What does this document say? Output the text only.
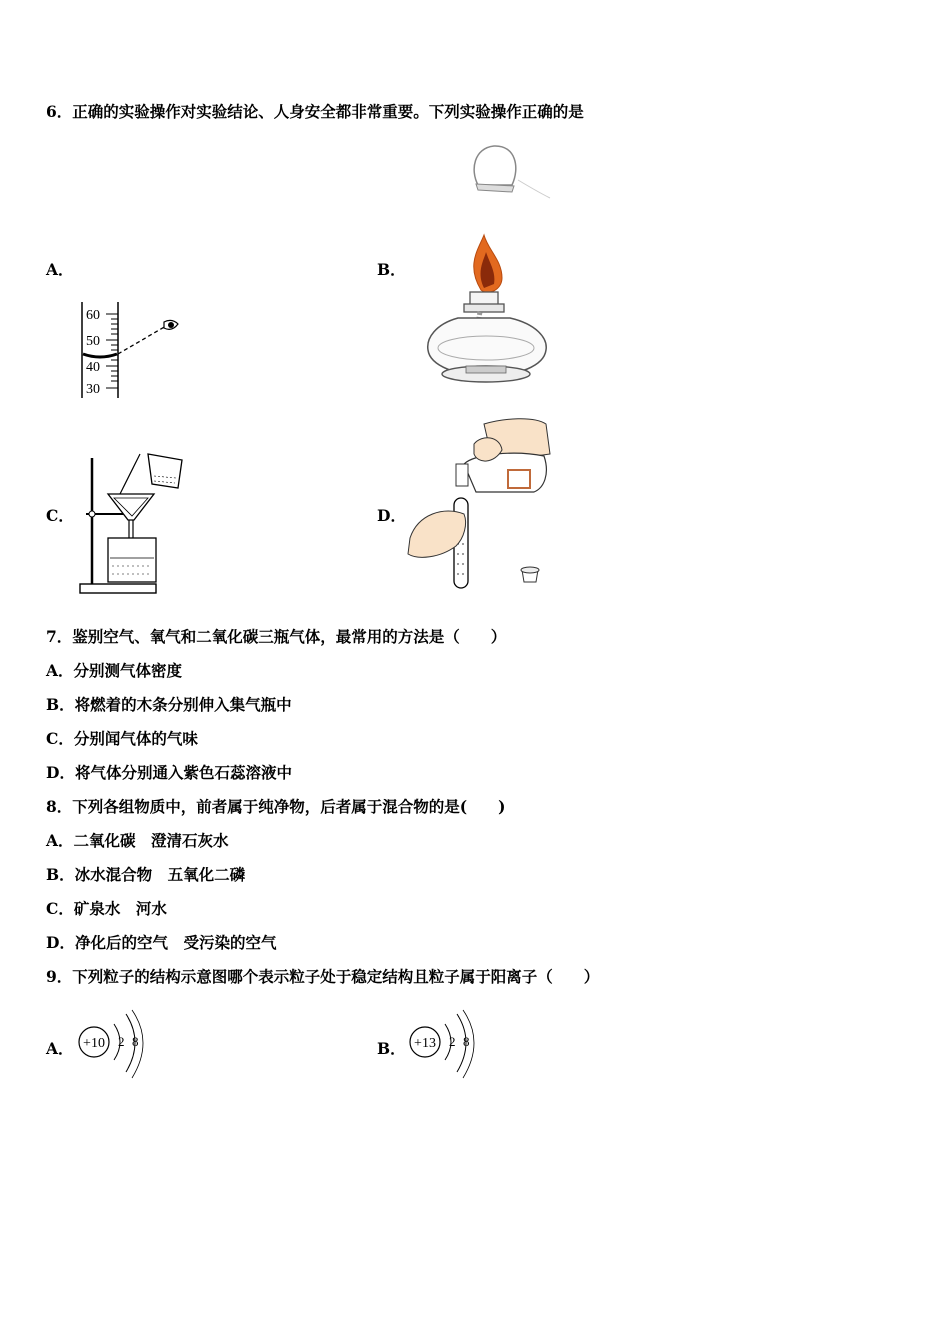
6．正确的实验操作对实验结论、人身安全都非常重要。下列实验操作正确的是
A．	B．
60
50
40
30
C．	D．
7．鉴别空气、氧气和二氧化碳三瓶气体，最常用的方法是（　　）
A．分别测气体密度
B．将燃着的木条分别伸入集气瓶中
C．分别闻气体的气味
D．将气体分别通入紫色石蕊溶液中
8．下列各组物质中，前者属于纯净物，后者属于混合物的是(　　)
A．二氧化碳　澄清石灰水
B．冰水混合物　五氧化二磷
C．矿泉水　河水
D．净化后的空气　受污染的空气
9．下列粒子的结构示意图哪个表示粒子处于稳定结构且粒子属于阳离子（　　）
A． +10 2 8	B． +13 2 8
